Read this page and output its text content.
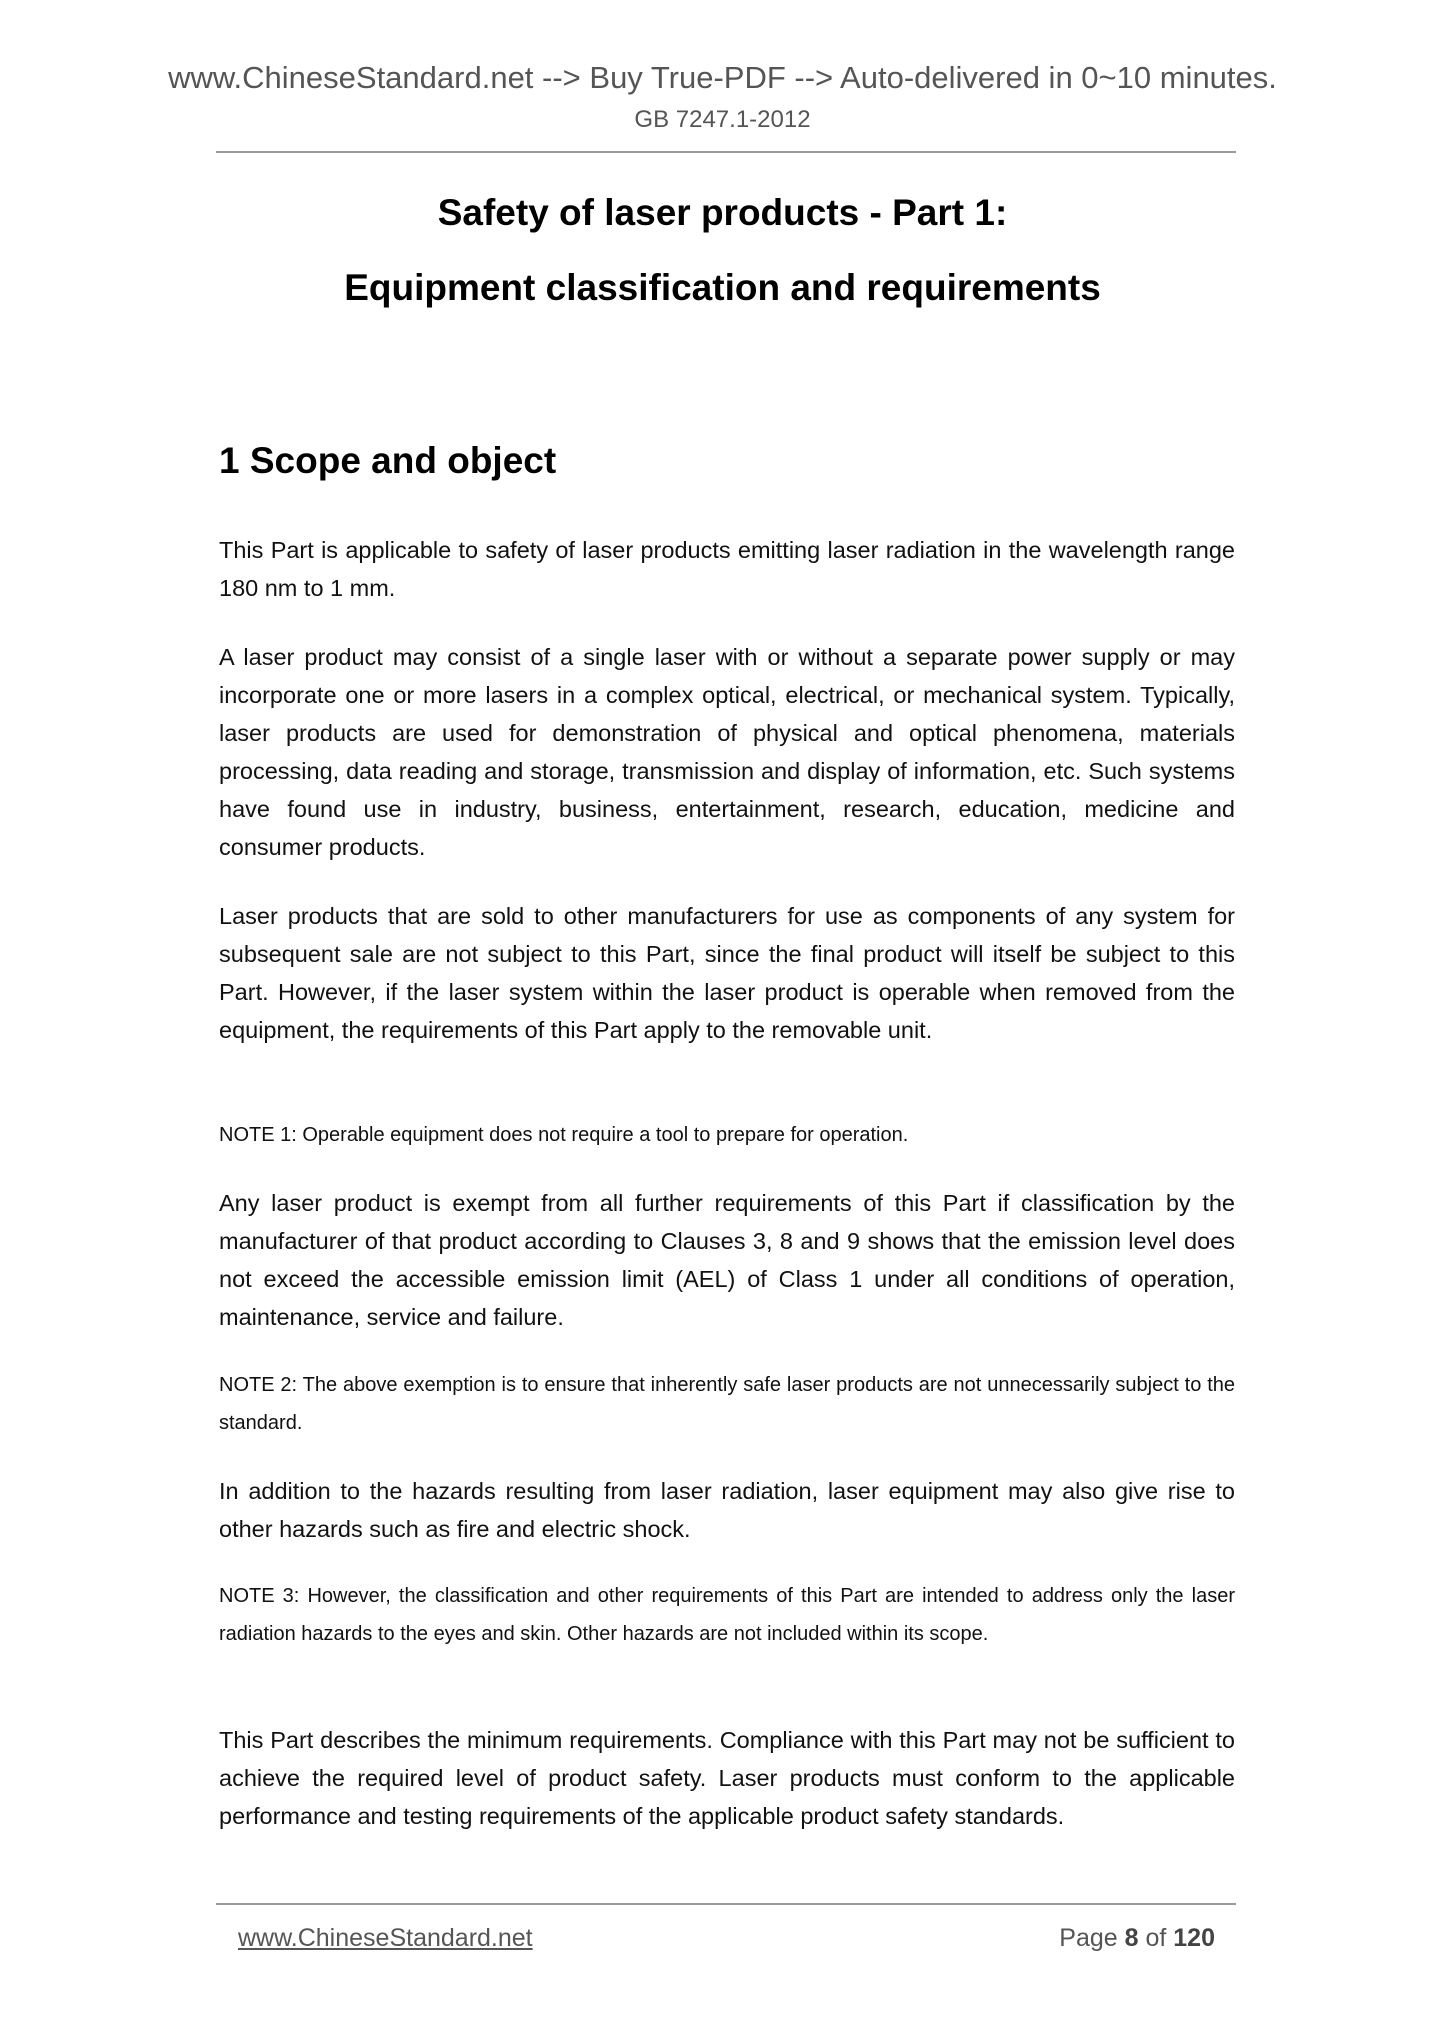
www.ChineseStandard.net --> Buy True-PDF --> Auto-delivered in 0~10 minutes.
GB 7247.1-2012
Safety of laser products - Part 1:
Equipment classification and requirements
1 Scope and object

This Part is applicable to safety of laser products emitting laser radiation in the wavelength range 180 nm to 1 mm.

A laser product may consist of a single laser with or without a separate power supply or may incorporate one or more lasers in a complex optical, electrical, or mechanical system. Typically, laser products are used for demonstration of physical and optical phenomena, materials processing, data reading and storage, transmission and display of information, etc. Such systems have found use in industry, business, entertainment, research, education, medicine and consumer products.

Laser products that are sold to other manufacturers for use as components of any system for subsequent sale are not subject to this Part, since the final product will itself be subject to this Part. However, if the laser system within the laser product is operable when removed from the equipment, the requirements of this Part apply to the removable unit.

NOTE 1: Operable equipment does not require a tool to prepare for operation.

Any laser product is exempt from all further requirements of this Part if classification by the manufacturer of that product according to Clauses 3, 8 and 9 shows that the emission level does not exceed the accessible emission limit (AEL) of Class 1 under all conditions of operation, maintenance, service and failure.

NOTE 2: The above exemption is to ensure that inherently safe laser products are not unnecessarily subject to the standard.

In addition to the hazards resulting from laser radiation, laser equipment may also give rise to other hazards such as fire and electric shock.

NOTE 3: However, the classification and other requirements of this Part are intended to address only the laser radiation hazards to the eyes and skin. Other hazards are not included within its scope.

This Part describes the minimum requirements. Compliance with this Part may not be sufficient to achieve the required level of product safety. Laser products must conform to the applicable performance and testing requirements of the applicable product safety standards.

www.ChineseStandard.net	Page 8 of 120
